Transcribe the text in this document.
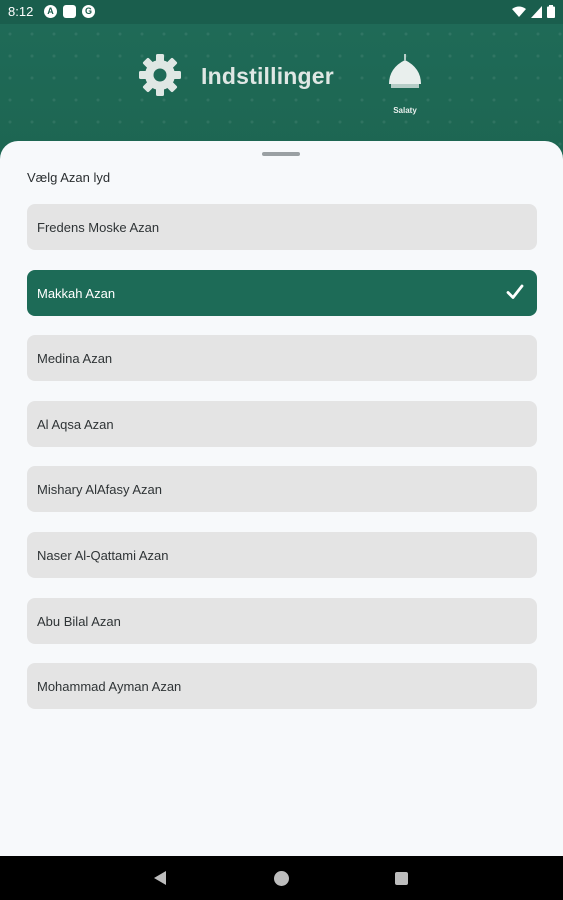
8:12	A	G
Indstillinger
Salaty
Vælg Azan lyd
Fredens Moske Azan
Makkah Azan
Medina Azan
Al Aqsa Azan
Mishary AlAfasy Azan
Naser Al-Qattami Azan
Abu Bilal Azan
Mohammad Ayman Azan
